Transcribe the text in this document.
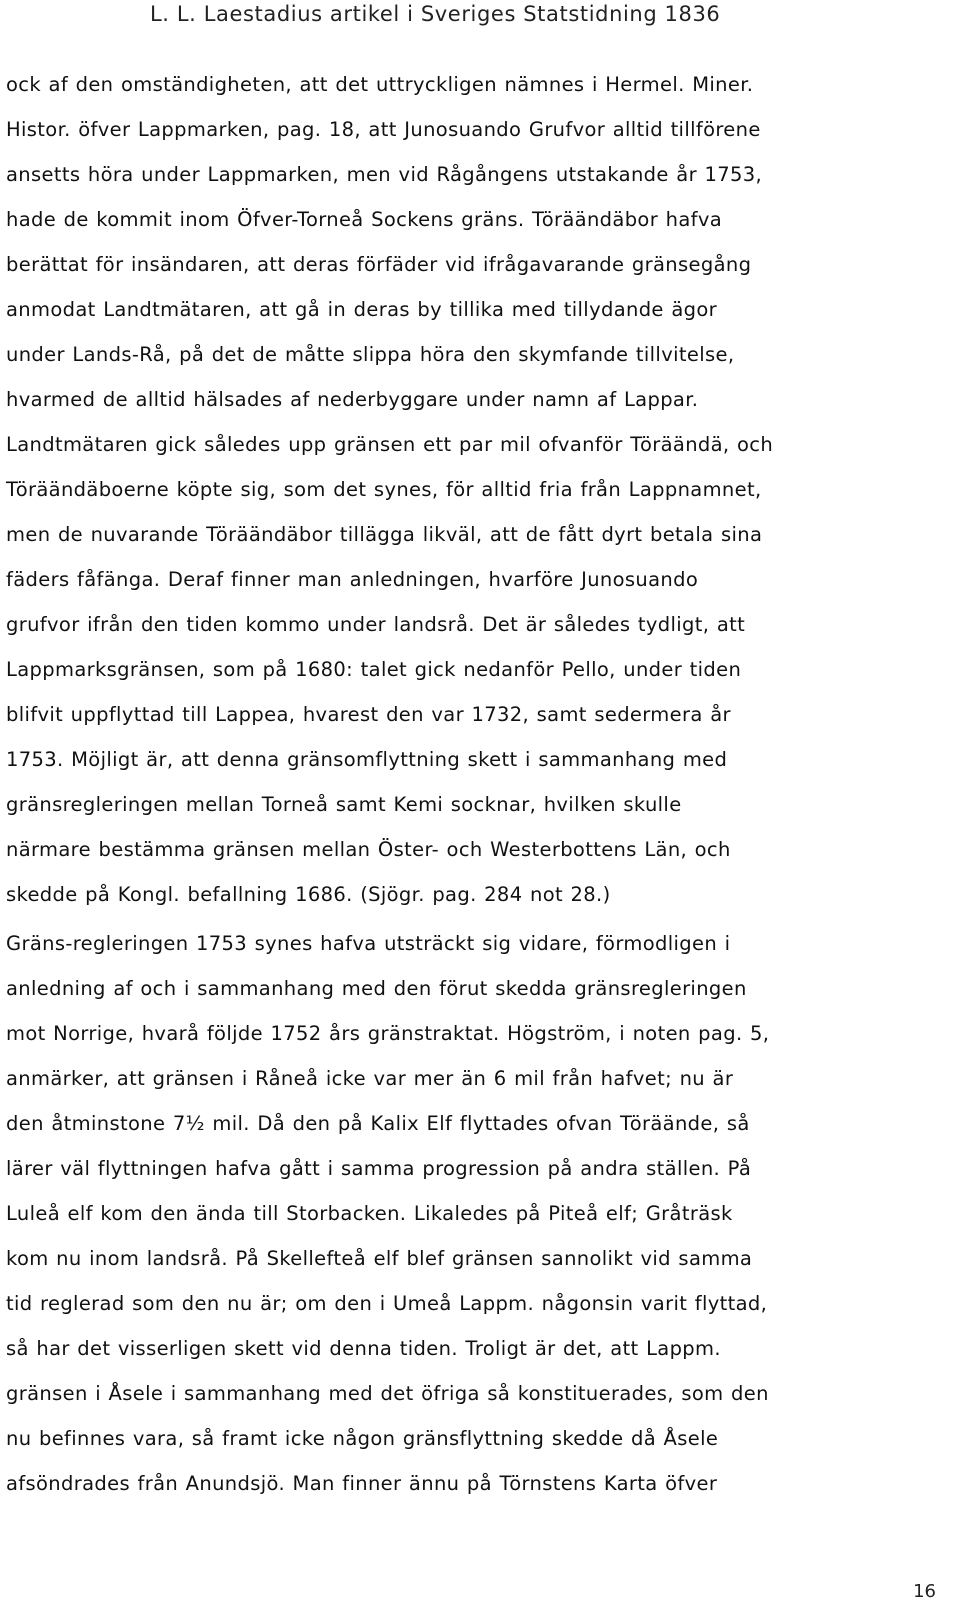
L. L. Laestadius artikel i Sveriges Statstidning 1836
ock af den omständigheten, att det uttryckligen nämnes i Hermel. Miner.
Histor. öfver Lappmarken, pag. 18, att Junosuando Grufvor alltid tillförene
ansetts höra under Lappmarken, men vid Rågångens utstakande år 1753,
hade de kommit inom Öfver-Torneå Sockens gräns. Töräändäbor hafva
berättat för insändaren, att deras förfäder vid ifrågavarande gränsegång
anmodat Landtmätaren, att gå in deras by tillika med tillydande ägor
under Lands-Rå, på det de måtte slippa höra den skymfande tillvitelse,
hvarmed de alltid hälsades af nederbyggare under namn af Lappar.
Landtmätaren gick således upp gränsen ett par mil ofvanför Töräändä, och
Töräändäboerne köpte sig, som det synes, för alltid fria från Lappnamnet,
men de nuvarande Töräändäbor tillägga likväl, att de fått dyrt betala sina
fäders fåfänga. Deraf finner man anledningen, hvarföre Junosuando
grufvor ifrån den tiden kommo under landsrå. Det är således tydligt, att
Lappmarksgränsen, som på 1680: talet gick nedanför Pello, under tiden
blifvit uppflyttad till Lappea, hvarest den var 1732, samt sedermera år
1753. Möjligt är, att denna gränsomflyttning skett i sammanhang med
gränsregleringen mellan Torneå samt Kemi socknar, hvilken skulle
närmare bestämma gränsen mellan Öster- och Westerbottens Län, och
skedde på Kongl. befallning 1686. (Sjögr. pag. 284 not 28.)
Gräns-regleringen 1753 synes hafva utsträckt sig vidare, förmodligen i
anledning af och i sammanhang med den förut skedda gränsregleringen
mot Norrige, hvarå följde 1752 års gränstraktat. Högström, i noten pag. 5,
anmärker, att gränsen i Råneå icke var mer än 6 mil från hafvet; nu är
den åtminstone 7½ mil. Då den på Kalix Elf flyttades ofvan Töräände, så
lärer väl flyttningen hafva gått i samma progression på andra ställen. På
Luleå elf kom den ända till Storbacken. Likaledes på Piteå elf; Gråträsk
kom nu inom landsrå. På Skellefteå elf blef gränsen sannolikt vid samma
tid reglerad som den nu är; om den i Umeå Lappm. någonsin varit flyttad,
så har det visserligen skett vid denna tiden. Troligt är det, att Lappm.
gränsen i Åsele i sammanhang med det öfriga så konstituerades, som den
nu befinnes vara, så framt icke någon gränsflyttning skedde då Åsele
afsöndrades från Anundsjö. Man finner ännu på Törnstens Karta öfver
16
